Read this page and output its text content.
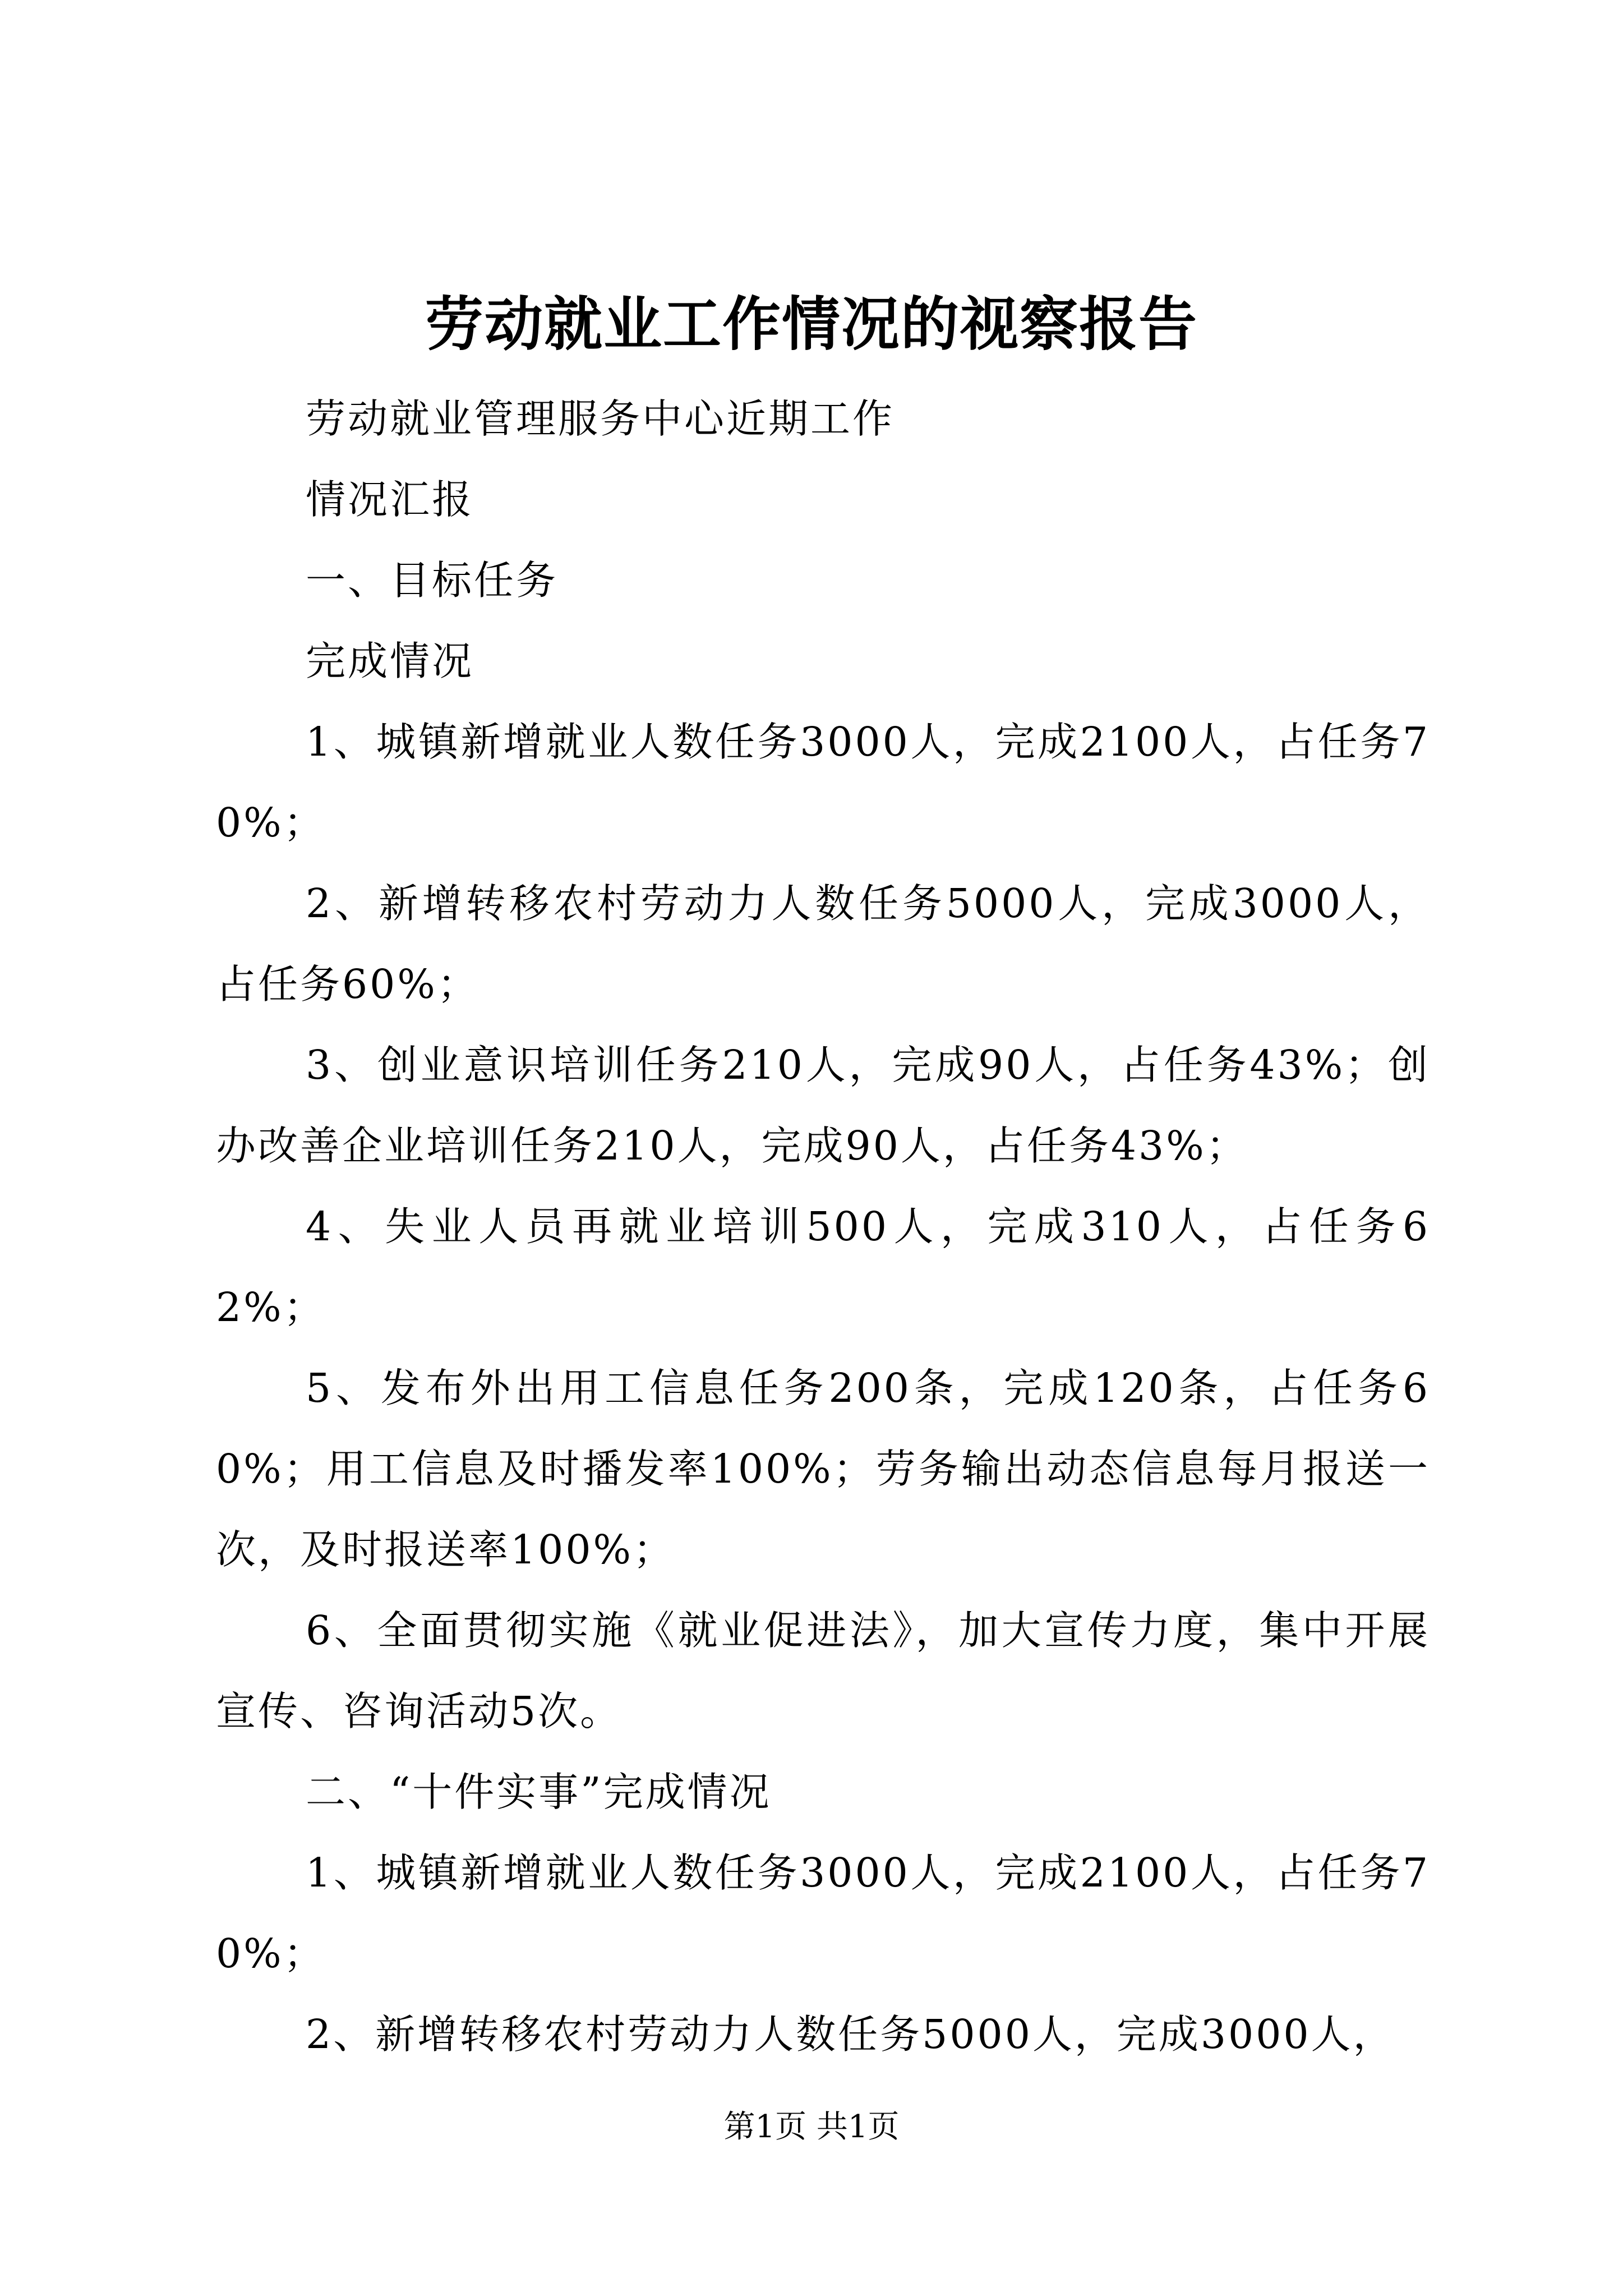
劳动就业工作情况的视察报告

劳动就业管理服务中心近期工作

情况汇报

一、目标任务

完成情况

1、城镇新增就业人数任务3000人，完成2100人，占任务70%；

2、新增转移农村劳动力人数任务5000人，完成3000人，占任务60%；

3、创业意识培训任务210人，完成90人，占任务43%；创办改善企业培训任务210人，完成90人，占任务43%；

4、失业人员再就业培训500人，完成310人，占任务62%；

5、发布外出用工信息任务200条，完成120条，占任务60%；用工信息及时播发率100%；劳务输出动态信息每月报送一次，及时报送率100%；

6、全面贯彻实施《就业促进法》，加大宣传力度，集中开展宣传、咨询活动5次。

二、“十件实事”完成情况

1、城镇新增就业人数任务3000人，完成2100人，占任务70%；

2、新增转移农村劳动力人数任务5000人，完成3000人，

第1页 共1页
